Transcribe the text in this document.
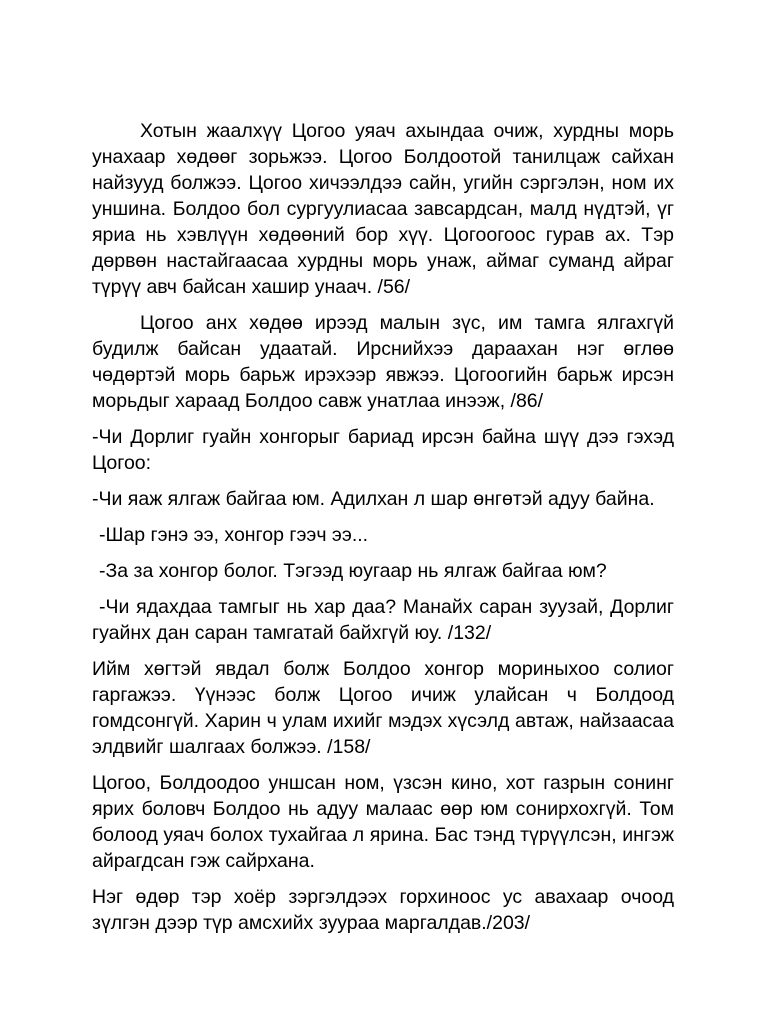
Хотын жаалхүү Цогоо уяач ахындаа очиж, хурдны морь унахаар хөдөөг зорьжээ. Цогоо Болдоотой танилцаж сайхан найзууд болжээ. Цогоо хичээлдээ сайн, угийн сэргэлэн, ном их уншина. Болдоо бол сургуулиасаа завсардсан, малд нүдтэй, үг яриа нь хэвлүүн хөдөөний бор хүү. Цогоогоос гурав ах. Тэр дөрвөн настайгаасаа хурдны морь унаж, аймаг суманд айраг түрүү авч байсан хашир унаач. /56/

Цогоо анх хөдөө ирээд малын зүс, им тамга ялгахгүй будилж байсан удаатай. Ирснийхээ дараахан нэг өглөө чөдөртэй морь барьж ирэхээр явжээ. Цогоогийн барьж ирсэн морьдыг хараад Болдоо савж унатлаа инээж, /86/

-Чи Дорлиг гуайн хонгорыг бариад ирсэн байна шүү дээ гэхэд Цогоо:

-Чи яаж ялгаж байгаа юм. Адилхан л шар өнгөтэй адуу байна.

-Шар гэнэ ээ, хонгор гээч ээ...

-За за хонгор болог. Тэгээд юугаар нь ялгаж байгаа юм?

-Чи ядахдаа тамгыг нь хар даа? Манайх саран зуузай, Дорлиг гуайнх дан саран тамгатай байхгүй юу. /132/

Ийм хөгтэй явдал болж Болдоо хонгор мориныхоо солиог гаргажээ. Үүнээс болж Цогоо ичиж улайсан ч Болдоод гомдсонгүй. Харин ч улам ихийг мэдэх хүсэлд автаж, найзаасаа элдвийг шалгаах болжээ. /158/

Цогоо, Болдоодоо уншсан ном, үзсэн кино, хот газрын сонинг ярих боловч Болдоо нь адуу малаас өөр юм сонирхохгүй. Том болоод уяач болох тухайгаа л ярина. Бас тэнд түрүүлсэн, ингэж айрагдсан гэж сайрхана.

Нэг өдөр тэр хоёр зэргэлдээх горхиноос ус авахаар очоод зүлгэн дээр түр амсхийх зуураа маргалдав./203/
